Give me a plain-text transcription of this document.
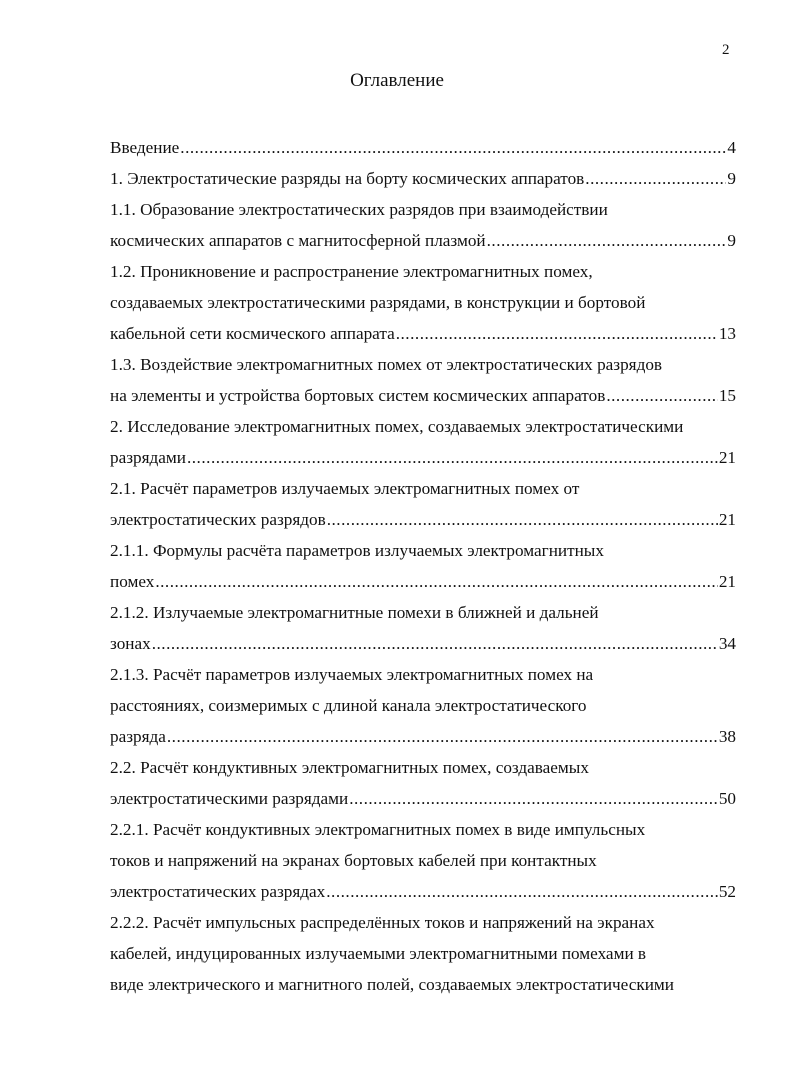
2
Оглавление
Введение . . .	4
1. Электростатические разряды на борту космических аппаратов . . .	9
1.1. Образование электростатических разрядов при взаимодействии
космических аппаратов с магнитосферной плазмой . . .	9
1.2. Проникновение и распространение электромагнитных помех,
создаваемых электростатическими разрядами, в конструкции и бортовой
кабельной сети космического аппарата . . .	13
1.3. Воздействие электромагнитных помех от электростатических разрядов
на элементы и устройства бортовых систем космических аппаратов . . .	15
2. Исследование электромагнитных помех, создаваемых электростатическими
разрядами . . .	21
2.1. Расчёт параметров излучаемых электромагнитных помех от
электростатических разрядов . . .	21
2.1.1. Формулы расчёта параметров излучаемых электромагнитных
помех . . .	21
2.1.2. Излучаемые электромагнитные помехи в ближней и дальней
зонах . . .	34
2.1.3. Расчёт параметров излучаемых электромагнитных помех на
расстояниях, соизмеримых с длиной канала электростатического
разряда . . .	38
2.2. Расчёт кондуктивных электромагнитных помех, создаваемых
электростатическими разрядами . . .	50
2.2.1. Расчёт кондуктивных электромагнитных помех в виде импульсных
токов и напряжений на экранах бортовых кабелей при контактных
электростатических разрядах . . .	52
2.2.2. Расчёт импульсных распределённых токов и напряжений на экранах
кабелей, индуцированных излучаемыми электромагнитными помехами в
виде электрического и магнитного полей, создаваемых электростатическими
